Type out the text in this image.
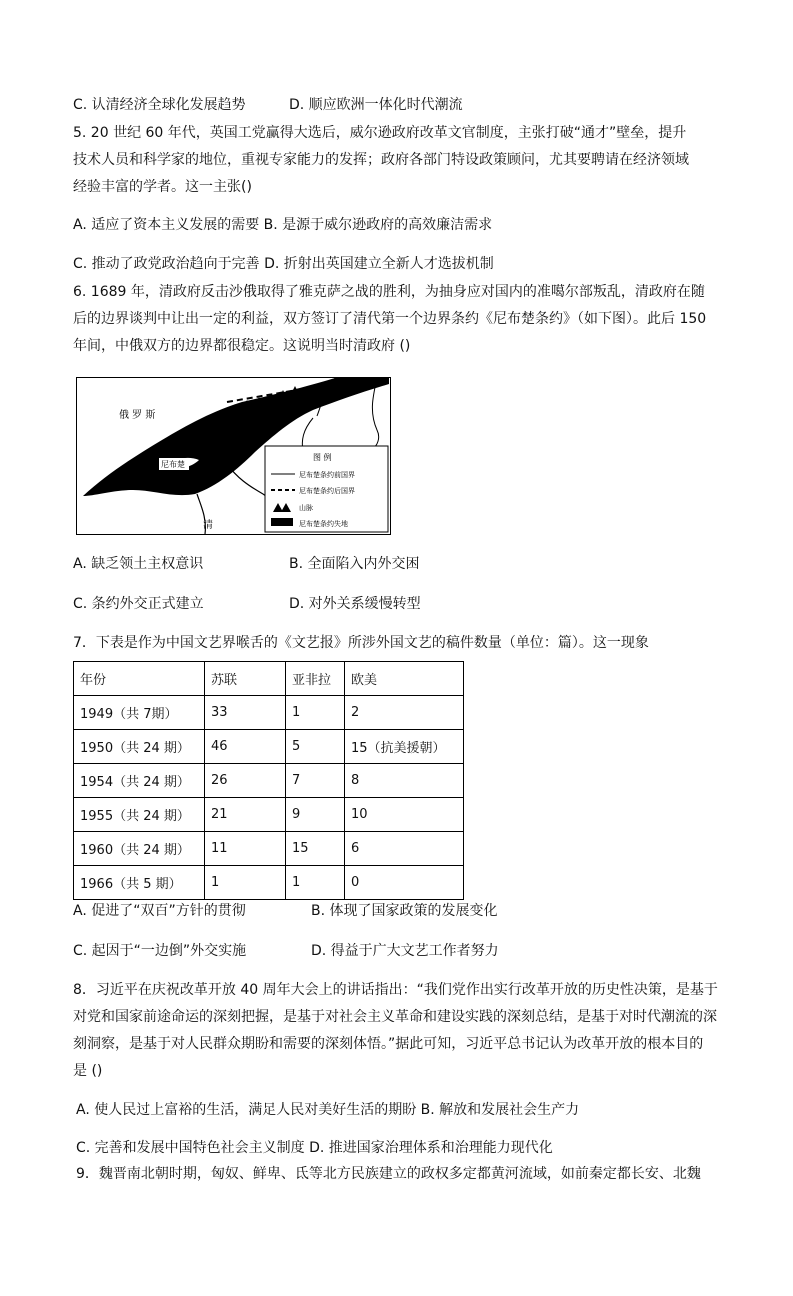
C. 认清经济全球化发展趋势	D. 顺应欧洲一体化时代潮流
5. 20 世纪 60 年代，英国工党赢得大选后，威尔逊政府改革文官制度，主张打破“通才”壁垒，提升
技术人员和科学家的地位，重视专家能力的发挥；政府各部门特设政策顾问，尤其要聘请在经济领域
经验丰富的学者。这一主张()
A. 适应了资本主义发展的需要 B. 是源于威尔逊政府的高效廉洁需求
C. 推动了政党政治趋向于完善 D. 折射出英国建立全新人才选拔机制
6. 1689 年，清政府反击沙俄取得了雅克萨之战的胜利，为抽身应对国内的准噶尔部叛乱，清政府在随
后的边界谈判中让出一定的利益，双方签订了清代第一个边界条约《尼布楚条约》（如下图）。此后 150
年间，中俄双方的边界都很稳定。这说明当时清政府 ()
俄 罗 斯
清
尼布楚
图 例
尼布楚条约前国界
尼布楚条约后国界
山脉
尼布楚条约失地
A. 缺乏领土主权意识	B. 全面陷入内外交困
C. 条约外交正式建立	D. 对外关系缓慢转型
7．下表是作为中国文艺界喉舌的《文艺报》所涉外国文艺的稿件数量（单位：篇）。这一现象
年份	苏联	亚非拉	欧美
1949（共 7期）	33	1	2
1950（共 24 期）	46	5	15（抗美援朝）
1954（共 24 期）	26	7	8
1955（共 24 期）	21	9	10
1960（共 24 期）	11	15	6
1966（共 5 期）	1	1	0
A. 促进了“双百”方针的贯彻	B. 体现了国家政策的发展变化
C. 起因于“一边倒”外交实施	D. 得益于广大文艺工作者努力
8．习近平在庆祝改革开放 40 周年大会上的讲话指出：“我们党作出实行改革开放的历史性决策，是基于
对党和国家前途命运的深刻把握，是基于对社会主义革命和建设实践的深刻总结，是基于对时代潮流的深
刻洞察，是基于对人民群众期盼和需要的深刻体悟。”据此可知，习近平总书记认为改革开放的根本目的
是 ()
A. 使人民过上富裕的生活，满足人民对美好生活的期盼 B. 解放和发展社会生产力
C. 完善和发展中国特色社会主义制度 D. 推进国家治理体系和治理能力现代化
9．魏晋南北朝时期，匈奴、鲜卑、氐等北方民族建立的政权多定都黄河流域，如前秦定都长安、北魏
